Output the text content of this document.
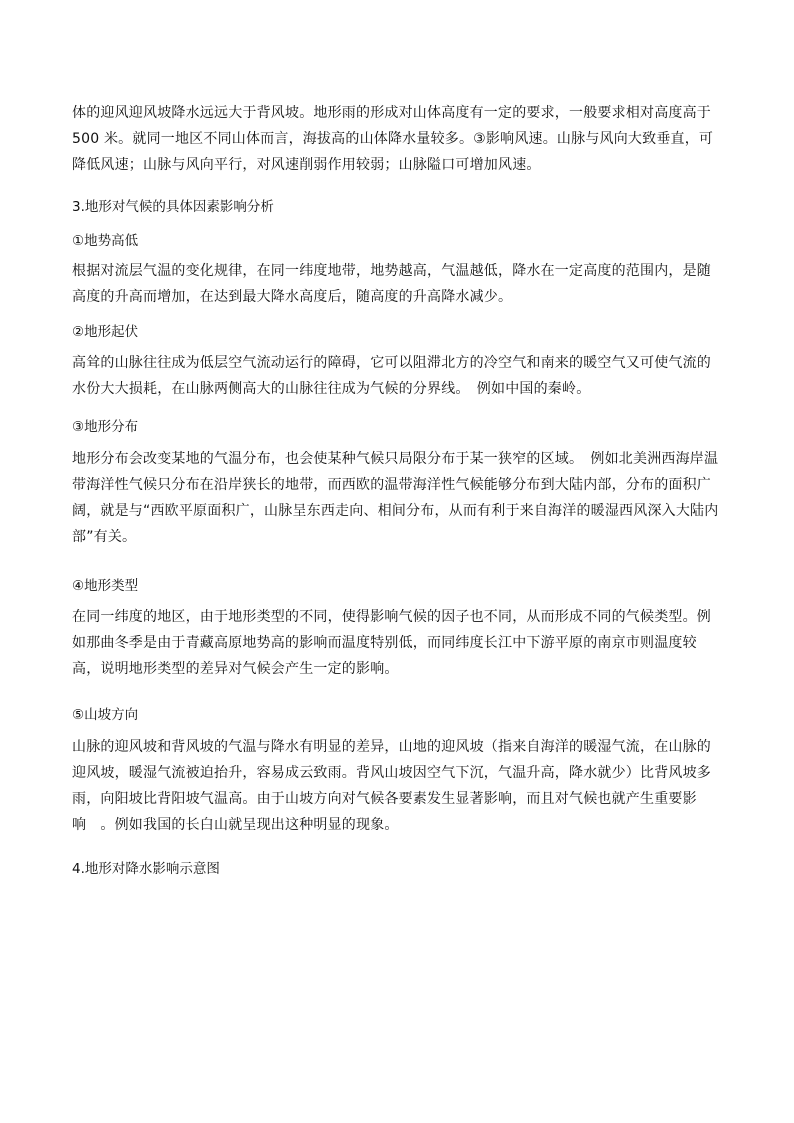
体的迎风迎风坡降水远远大于背风坡。地形雨的形成对山体高度有一定的要求，一般要求相对高度高于 500 米。就同一地区不同山体而言，海拔高的山体降水量较多。③影响风速。山脉与风向大致垂直，可降低风速；山脉与风向平行，对风速削弱作用较弱；山脉隘口可增加风速。
3.地形对气候的具体因素影响分析
①地势高低
根据对流层气温的变化规律，在同一纬度地带，地势越高，气温越低，降水在一定高度的范围内，是随高度的升高而增加，在达到最大降水高度后，随高度的升高降水减少。
②地形起伏
高耸的山脉往往成为低层空气流动运行的障碍，它可以阻滞北方的冷空气和南来的暖空气又可使气流的水份大大损耗，在山脉两侧高大的山脉往往成为气候的分界线。　例如中国的秦岭。
③地形分布
地形分布会改变某地的气温分布，也会使某种气候只局限分布于某一狭窄的区域。　例如北美洲西海岸温带海洋性气候只分布在沿岸狭长的地带，而西欧的温带海洋性气候能够分布到大陆内部，分布的面积广阔，就是与“西欧平原面积广，山脉呈东西走向、相间分布，从而有利于来自海洋的暖湿西风深入大陆内部”有关。
④地形类型
在同一纬度的地区，由于地形类型的不同，使得影响气候的因子也不同，从而形成不同的气候类型。例如那曲冬季是由于青藏高原地势高的影响而温度特别低，而同纬度长江中下游平原的南京市则温度较高，说明地形类型的差异对气候会产生一定的影响。
⑤山坡方向
山脉的迎风坡和背风坡的气温与降水有明显的差异，山地的迎风坡（指来自海洋的暖湿气流，在山脉的迎风坡，暖湿气流被迫抬升，容易成云致雨。背风山坡因空气下沉，气温升高，降水就少）比背风坡多雨，向阳坡比背阳坡气温高。由于山坡方向对气候各要素发生显著影响，而且对气候也就产生重要影响　。例如我国的长白山就呈现出这种明显的现象。
4.地形对降水影响示意图
